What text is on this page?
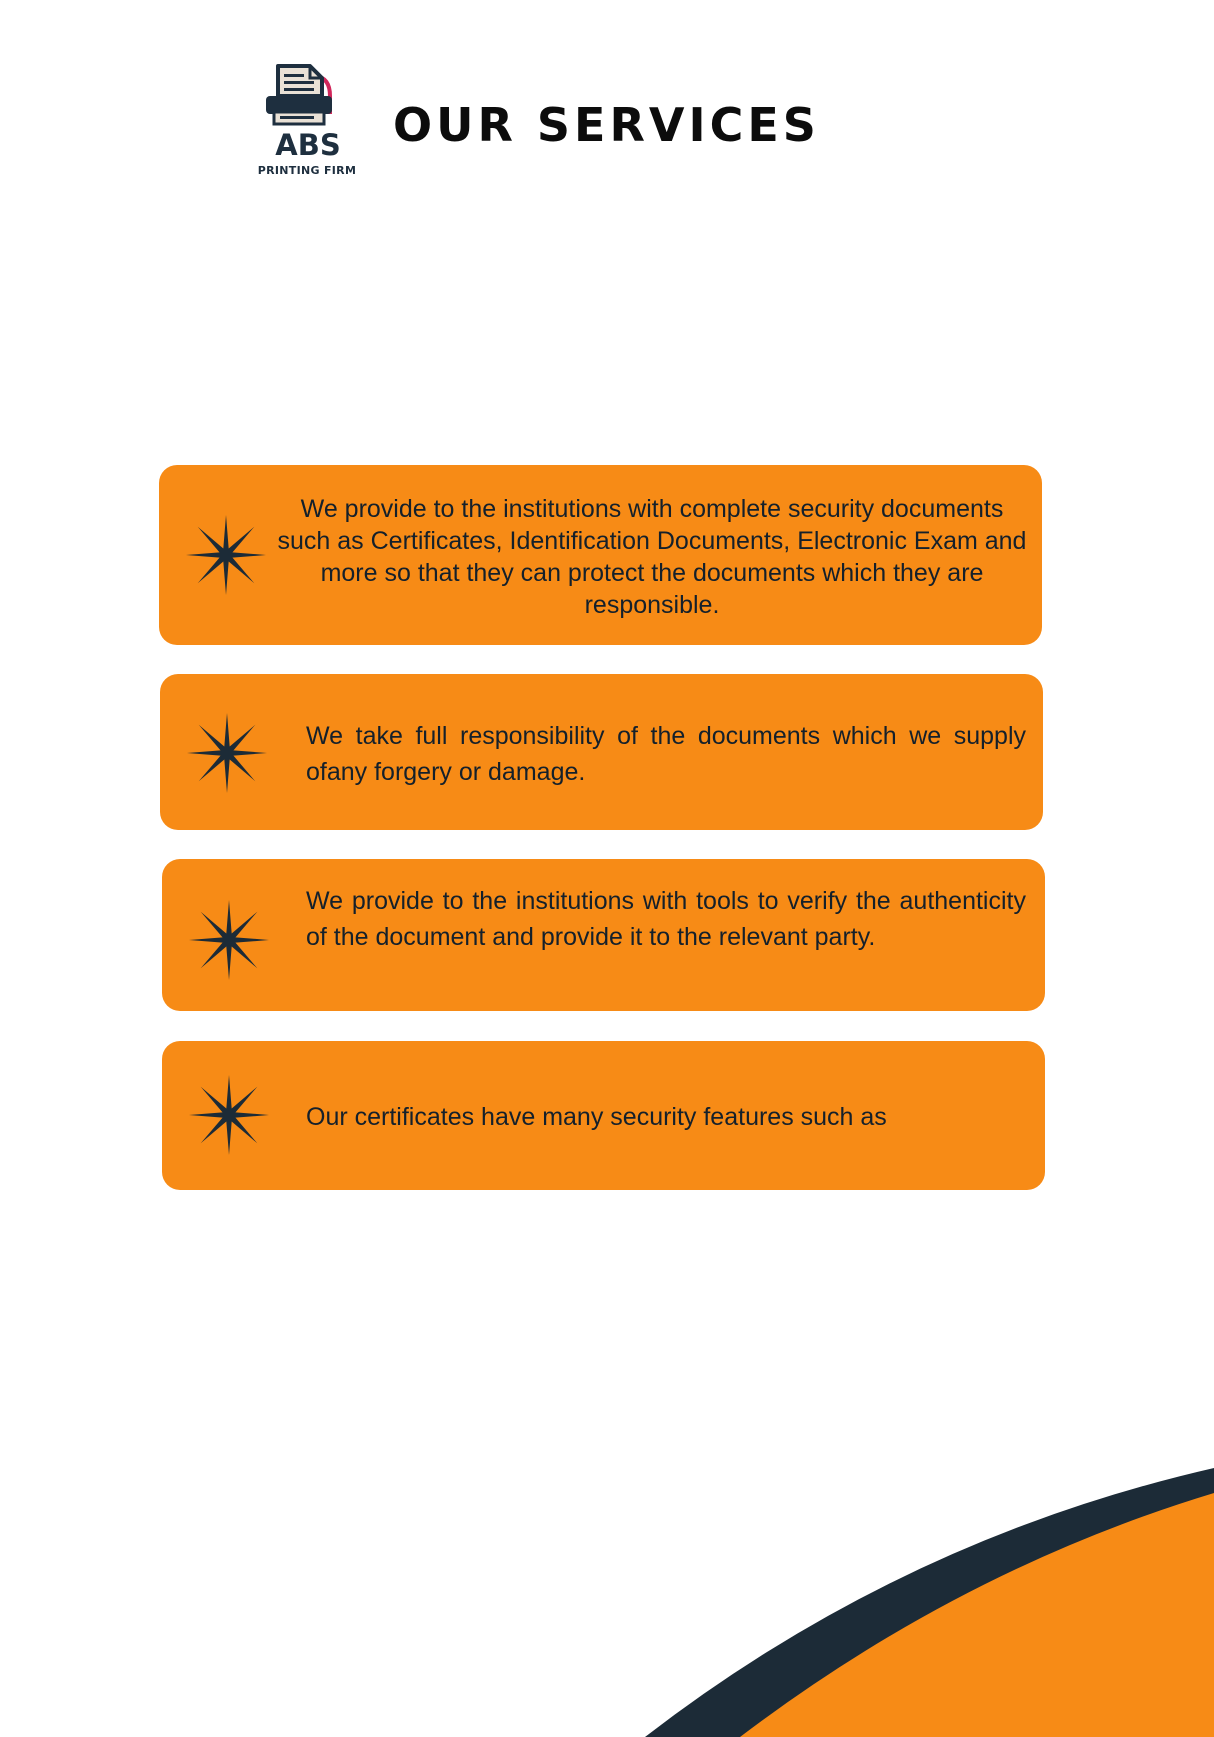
ABS
PRINTING FIRM
OUR SERVICES

We provide to the institutions with complete security documents such as Certificates, Identification Documents, Electronic Exam and more so that they can protect the documents which they are responsible.

We take full responsibility of the documents which we supply ofany forgery or damage.

We provide to the institutions with tools to verify the authenticity of the document and provide it to the relevant party.

Our certificates have many security features such as
